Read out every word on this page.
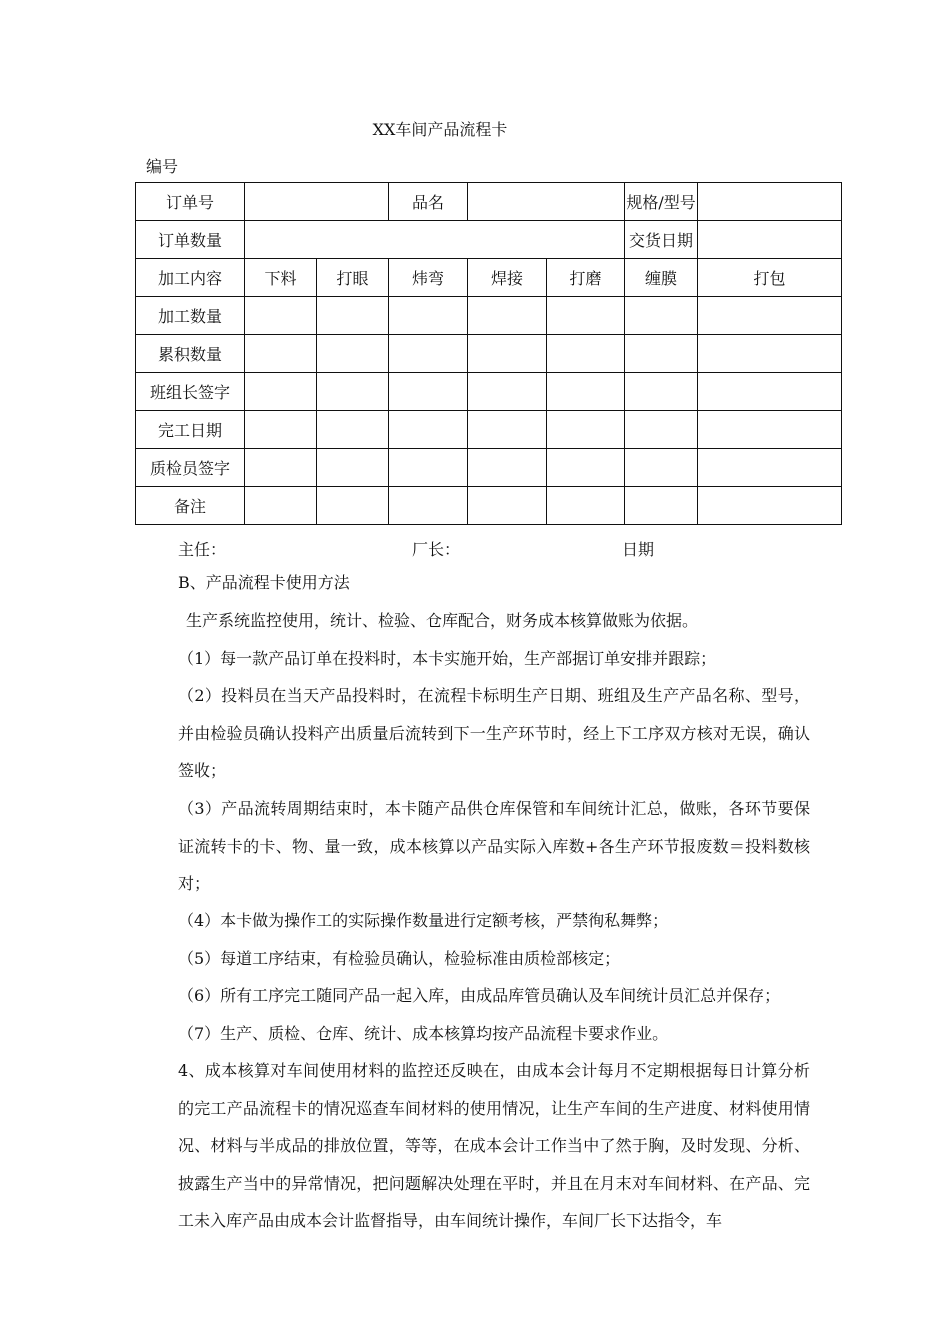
XX车间产品流程卡
编号
订单号			品名			规格/型号		
订单数量						交货日期		
加工内容	下料	打眼	炜弯	焊接	打磨	缠膜	打包	
加工数量								
累积数量								
班组长签字								
完工日期								
质检员签字								
备注								
主任：	厂长：	日期
B、产品流程卡使用方法
生产系统监控使用，统计、检验、仓库配合，财务成本核算做账为依据。
（1）每一款产品订单在投料时，本卡实施开始，生产部据订单安排并跟踪；
（2）投料员在当天产品投料时，在流程卡标明生产日期、班组及生产产品名称、型号，并由检验员确认投料产出质量后流转到下一生产环节时，经上下工序双方核对无误，确认签收；
（3）产品流转周期结束时，本卡随产品供仓库保管和车间统计汇总，做账，各环节要保证流转卡的卡、物、量一致，成本核算以产品实际入库数+各生产环节报废数＝投料数核对；
（4）本卡做为操作工的实际操作数量进行定额考核，严禁徇私舞弊；
（5）每道工序结束，有检验员确认，检验标准由质检部核定；
（6）所有工序完工随同产品一起入库，由成品库管员确认及车间统计员汇总并保存；
（7）生产、质检、仓库、统计、成本核算均按产品流程卡要求作业。
4、成本核算对车间使用材料的监控还反映在，由成本会计每月不定期根据每日计算分析的完工产品流程卡的情况巡查车间材料的使用情况，让生产车间的生产进度、材料使用情况、材料与半成品的排放位置，等等，在成本会计工作当中了然于胸，及时发现、分析、披露生产当中的异常情况，把问题解决处理在平时，并且在月末对车间材料、在产品、完工未入库产品由成本会计监督指导，由车间统计操作，车间厂长下达指令，车
